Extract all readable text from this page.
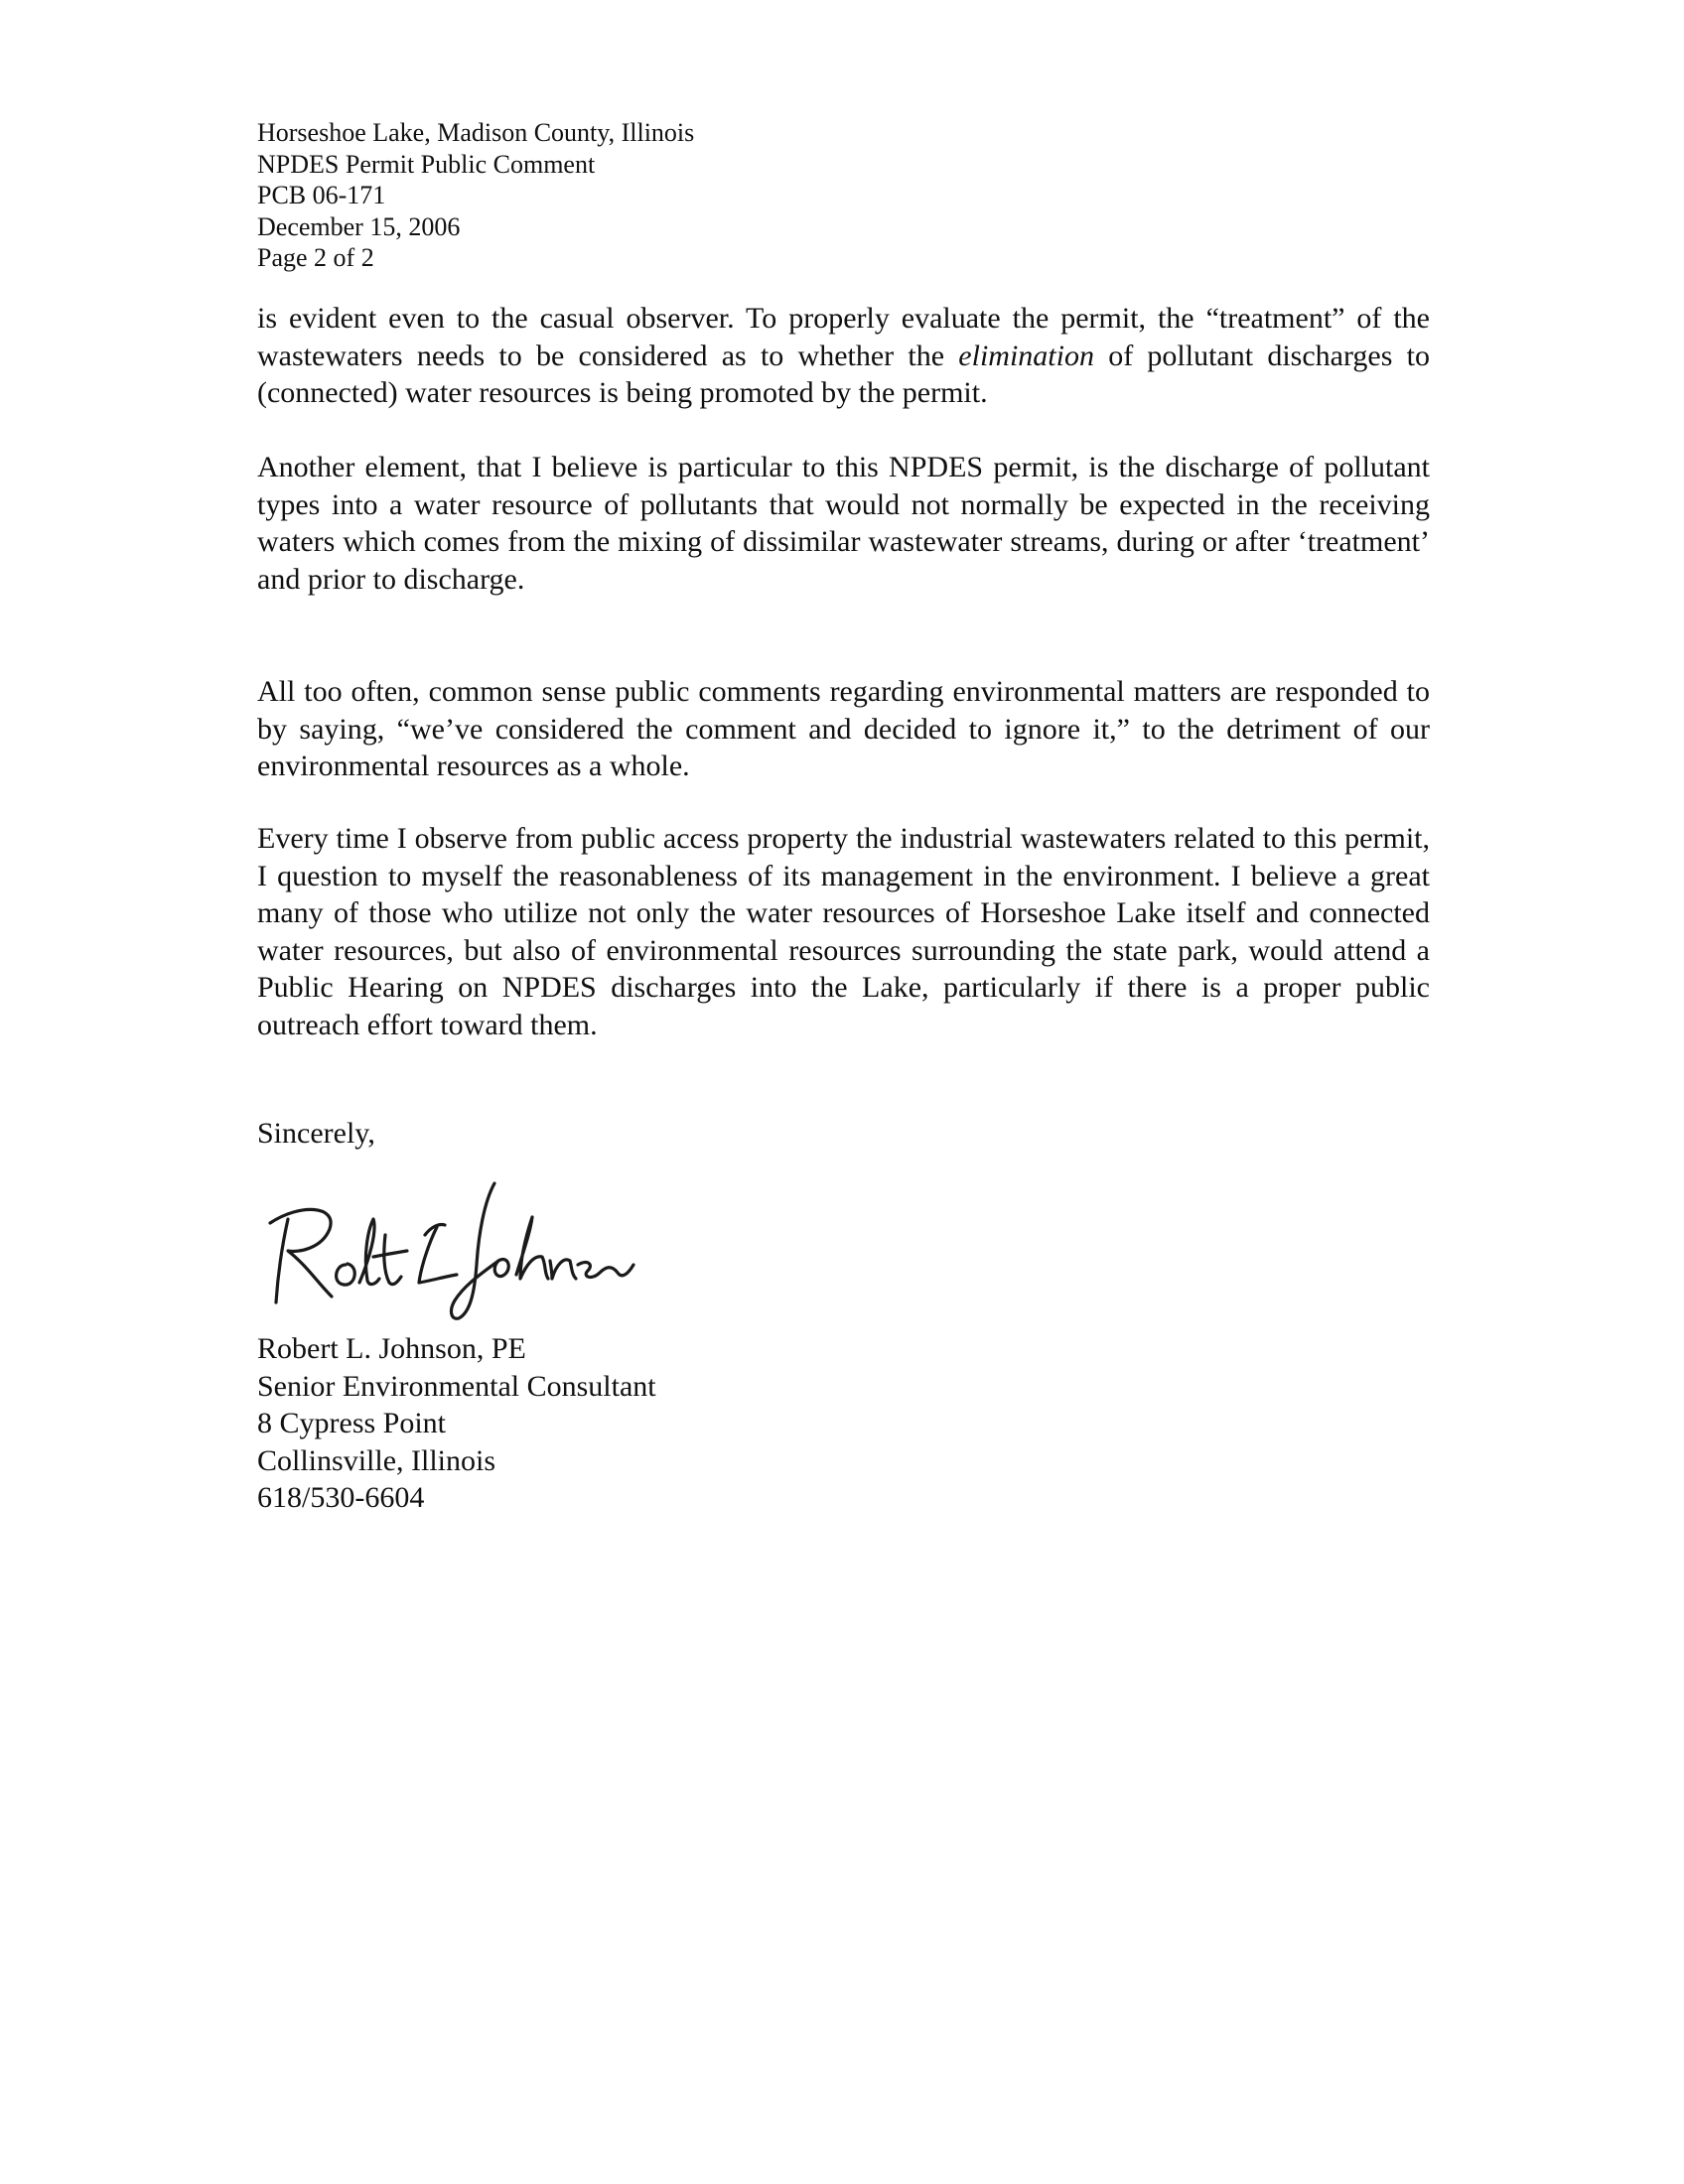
Horseshoe Lake, Madison County, Illinois
NPDES Permit Public Comment
PCB 06-171
December 15, 2006
Page 2 of 2

is evident even to the casual observer. To properly evaluate the permit, the “treatment” of the wastewaters needs to be considered as to whether the elimination of pollutant discharges to (connected) water resources is being promoted by the permit.

Another element, that I believe is particular to this NPDES permit, is the discharge of pollutant types into a water resource of pollutants that would not normally be expected in the receiving waters which comes from the mixing of dissimilar wastewater streams, during or after ‘treatment’ and prior to discharge.

All too often, common sense public comments regarding environmental matters are responded to by saying, “we’ve considered the comment and decided to ignore it,” to the detriment of our environmental resources as a whole.

Every time I observe from public access property the industrial wastewaters related to this permit, I question to myself the reasonableness of its management in the environment. I believe a great many of those who utilize not only the water resources of Horseshoe Lake itself and connected water resources, but also of environmental resources surrounding the state park, would attend a Public Hearing on NPDES discharges into the Lake, particularly if there is a proper public outreach effort toward them.

Sincerely,
Robert L. Johnson, PE
Senior Environmental Consultant
8 Cypress Point
Collinsville, Illinois
618/530-6604
